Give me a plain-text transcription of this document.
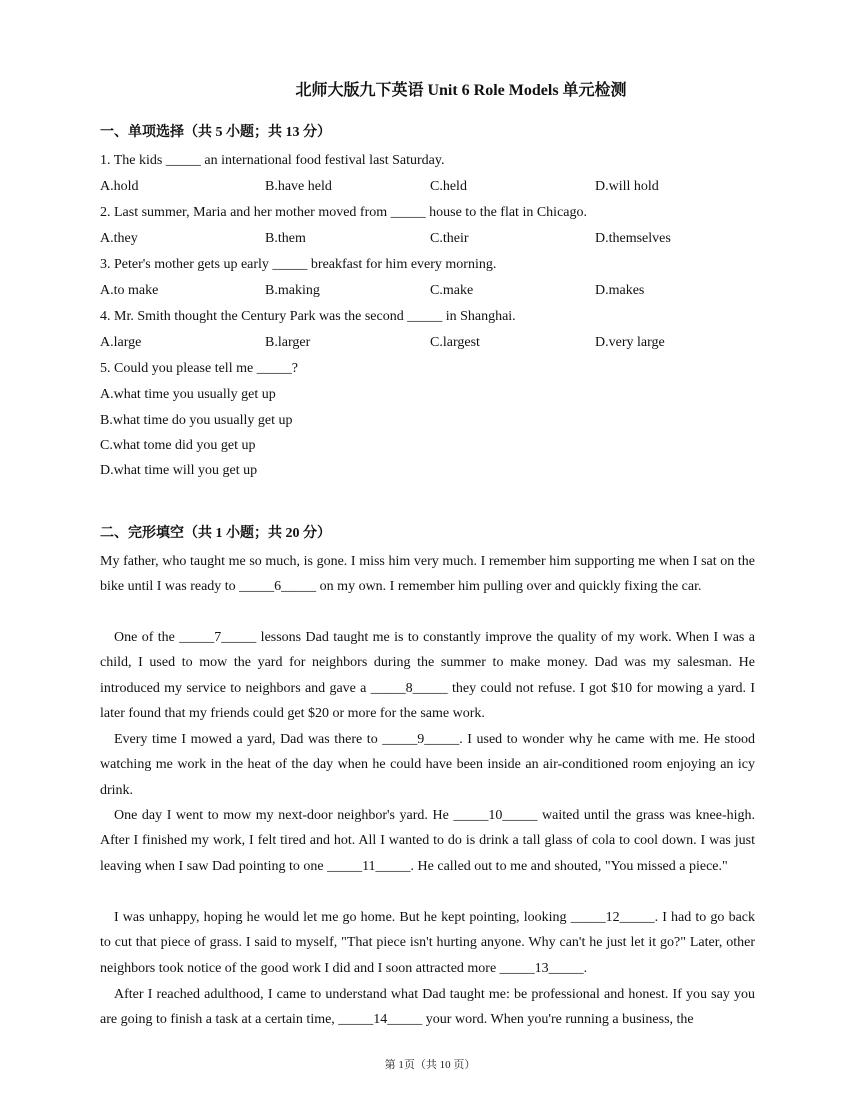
北师大版九下英语 Unit 6 Role Models 单元检测
一、单项选择（共 5 小题；共 13 分）
1. The kids _____ an international food festival last Saturday.
A.hold	B.have held	C.held	D.will hold
2. Last summer, Maria and her mother moved from _____ house to the flat in Chicago.
A.they	B.them	C.their	D.themselves
3. Peter's mother gets up early _____ breakfast for him every morning.
A.to make	B.making	C.make	D.makes
4. Mr. Smith thought the Century Park was the second _____ in Shanghai.
A.large	B.larger	C.largest	D.very large
5. Could you please tell me _____?
A.what time you usually get up
B.what time do you usually get up
C.what tome did you get up
D.what time will you get up
二、完形填空（共 1 小题；共 20 分）
My father, who taught me so much, is gone. I miss him very much. I remember him supporting me when I sat on the bike until I was ready to _____6_____ on my own. I remember him pulling over and quickly fixing the car.
One of the _____7_____ lessons Dad taught me is to constantly improve the quality of my work. When I was a child, I used to mow the yard for neighbors during the summer to make money. Dad was my salesman. He introduced my service to neighbors and gave a _____8_____ they could not refuse. I got $10 for mowing a yard. I later found that my friends could get $20 or more for the same work.
Every time I mowed a yard, Dad was there to _____9_____. I used to wonder why he came with me. He stood watching me work in the heat of the day when he could have been inside an air-conditioned room enjoying an icy drink.
One day I went to mow my next-door neighbor's yard. He _____10_____ waited until the grass was knee-high. After I finished my work, I felt tired and hot. All I wanted to do is drink a tall glass of cola to cool down. I was just leaving when I saw Dad pointing to one _____11_____. He called out to me and shouted, "You missed a piece."
I was unhappy, hoping he would let me go home. But he kept pointing, looking _____12_____. I had to go back to cut that piece of grass. I said to myself, "That piece isn't hurting anyone. Why can't he just let it go?" Later, other neighbors took notice of the good work I did and I soon attracted more _____13_____.
After I reached adulthood, I came to understand what Dad taught me: be professional and honest. If you say you are going to finish a task at a certain time, _____14_____ your word. When you're running a business, the
第 1页（共 10 页）
